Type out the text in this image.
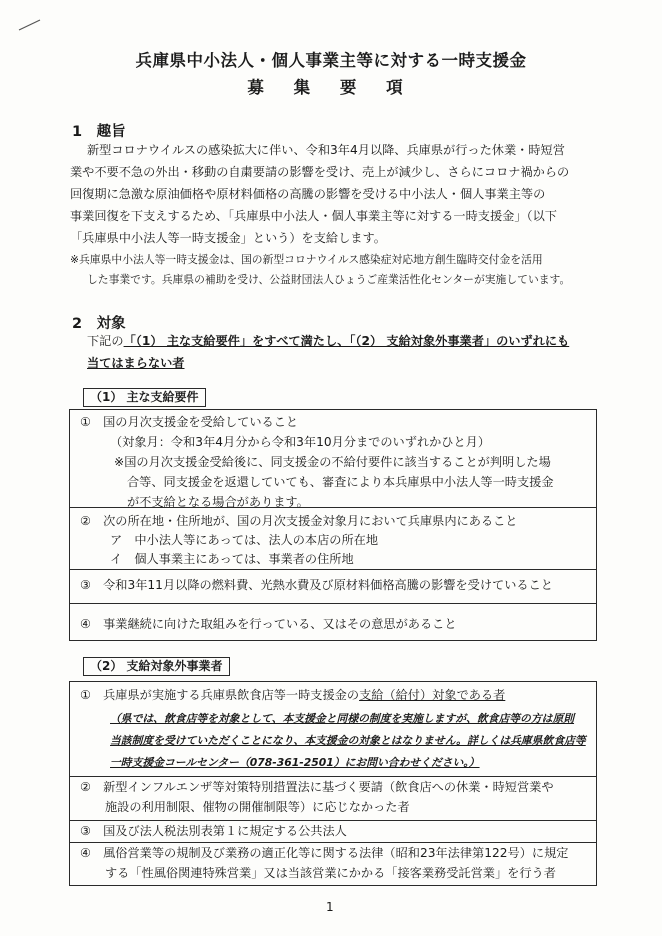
兵庫県中小法人・個人事業主等に対する一時支援金
募 集 要 項
1　趣旨
新型コロナウイルスの感染拡大に伴い、令和3年4月以降、兵庫県が行った休業・時短営
業や不要不急の外出・移動の自粛要請の影響を受け、売上が減少し、さらにコロナ禍からの
回復期に急激な原油価格や原材料価格の高騰の影響を受ける中小法人・個人事業主等の
事業回復を下支えするため、「兵庫県中小法人・個人事業主等に対する一時支援金」（以下
「兵庫県中小法人等一時支援金」という）を支給します。
※兵庫県中小法人等一時支援金は、国の新型コロナウイルス感染症対応地方創生臨時交付金を活用
した事業です。兵庫県の補助を受け、公益財団法人ひょうご産業活性化センターが実施しています。
2　対象
下記の「（1） 主な支給要件」をすべて満たし、「（2） 支給対象外事業者」のいずれにも
当てはまらない者
（1） 主な支給要件
①　国の月次支援金を受給していること
（対象月：令和3年4月分から令和3年10月分までのいずれかひと月）
※国の月次支援金受給後に、同支援金の不給付要件に該当することが判明した場
合等、同支援金を返還していても、審査により本兵庫県中小法人等一時支援金
が不支給となる場合があります。
②　次の所在地・住所地が、国の月次支援金対象月において兵庫県内にあること
ア　中小法人等にあっては、法人の本店の所在地
イ　個人事業主にあっては、事業者の住所地
③　令和3年11月以降の燃料費、光熱水費及び原材料価格高騰の影響を受けていること
④　事業継続に向けた取組みを行っている、又はその意思があること
（2） 支給対象外事業者
①　兵庫県が実施する兵庫県飲食店等一時支援金の支給（給付）対象である者
（県では、飲食店等を対象として、本支援金と同様の制度を実施しますが、飲食店等の方は原則
当該制度を受けていただくことになり、本支援金の対象とはなりません。詳しくは兵庫県飲食店等
一時支援金コールセンター（078-361-2501）にお問い合わせください。）
②　新型インフルエンザ等対策特別措置法に基づく要請（飲食店への休業・時短営業や
施設の利用制限、催物の開催制限等）に応じなかった者
③　国及び法人税法別表第１に規定する公共法人
④　風俗営業等の規制及び業務の適正化等に関する法律（昭和23年法律第122号）に規定
する「性風俗関連特殊営業」又は当該営業にかかる「接客業務受託営業」を行う者
1
